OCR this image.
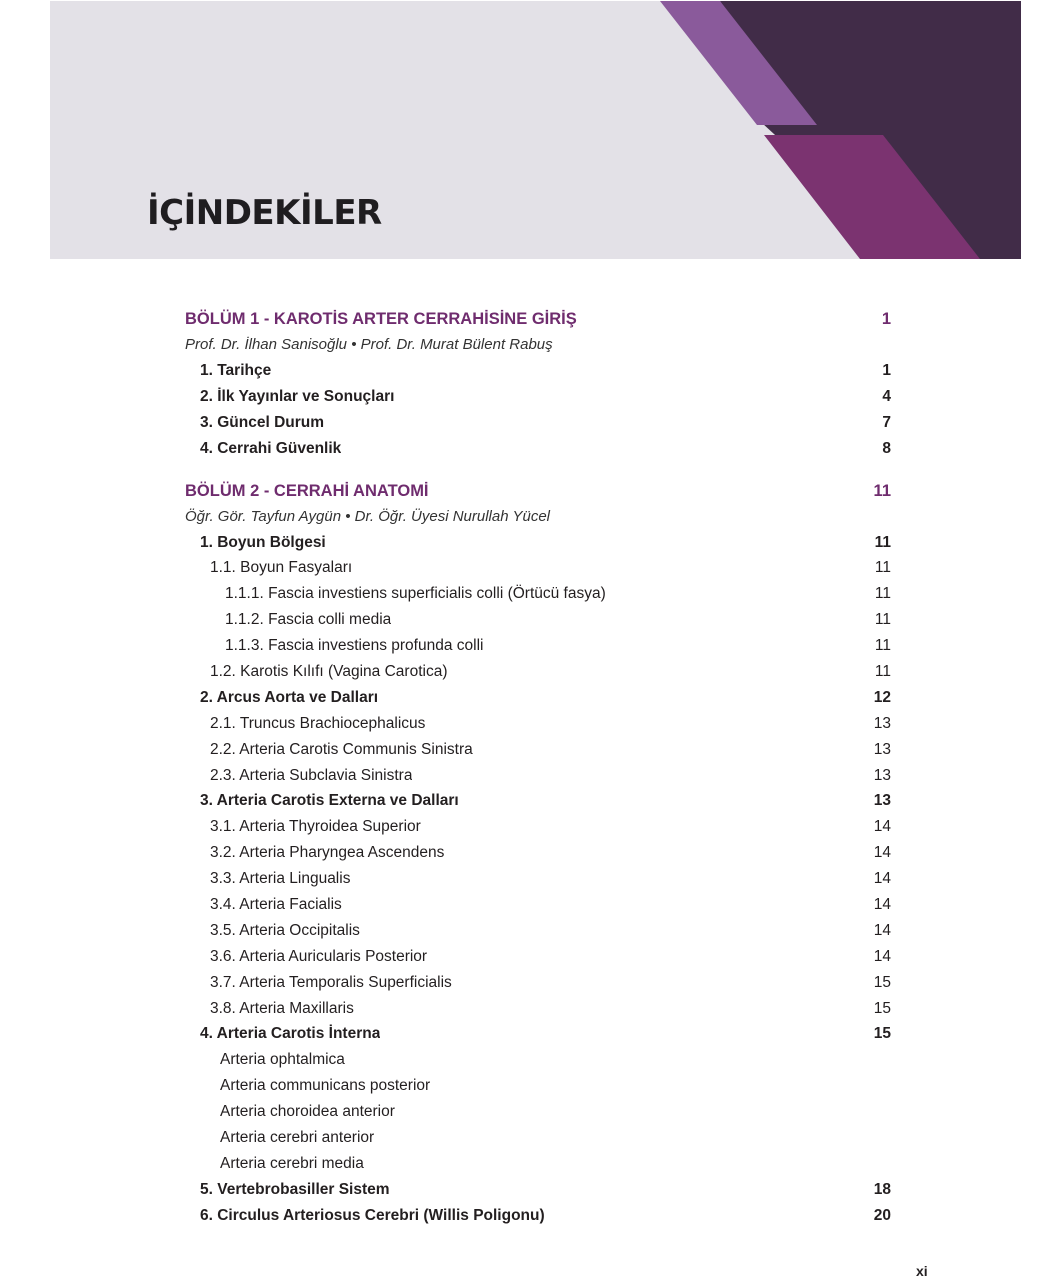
İÇİNDEKİLER
BÖLÜM 1 - KAROTİS ARTER CERRAHİSİNE GİRİŞ	1
Prof. Dr. İlhan Sanisoğlu • Prof. Dr. Murat Bülent Rabuş
1. Tarihçe	1
2. İlk Yayınlar ve Sonuçları	4
3. Güncel Durum	7
4. Cerrahi Güvenlik	8
BÖLÜM 2 - CERRAHİ ANATOMİ	11
Öğr. Gör. Tayfun Aygün • Dr. Öğr. Üyesi Nurullah Yücel
1. Boyun Bölgesi	11
1.1. Boyun Fasyaları	11
1.1.1. Fascia investiens superficialis colli (Örtücü fasya)	11
1.1.2. Fascia colli media	11
1.1.3. Fascia investiens profunda colli	11
1.2. Karotis Kılıfı (Vagina Carotica)	11
2. Arcus Aorta ve Dalları	12
2.1. Truncus Brachiocephalicus	13
2.2. Arteria Carotis Communis Sinistra	13
2.3. Arteria Subclavia Sinistra	13
3. Arteria Carotis Externa ve Dalları	13
3.1. Arteria Thyroidea Superior	14
3.2. Arteria Pharyngea Ascendens	14
3.3. Arteria Lingualis	14
3.4. Arteria Facialis	14
3.5. Arteria Occipitalis	14
3.6. Arteria Auricularis Posterior	14
3.7. Arteria Temporalis Superficialis	15
3.8. Arteria Maxillaris	15
4. Arteria Carotis İnterna	15
Arteria ophtalmica
Arteria communicans posterior
Arteria choroidea anterior
Arteria cerebri anterior
Arteria cerebri media
5. Vertebrobasiller Sistem	18
6. Circulus Arteriosus Cerebri (Willis Poligonu)	20
xi
